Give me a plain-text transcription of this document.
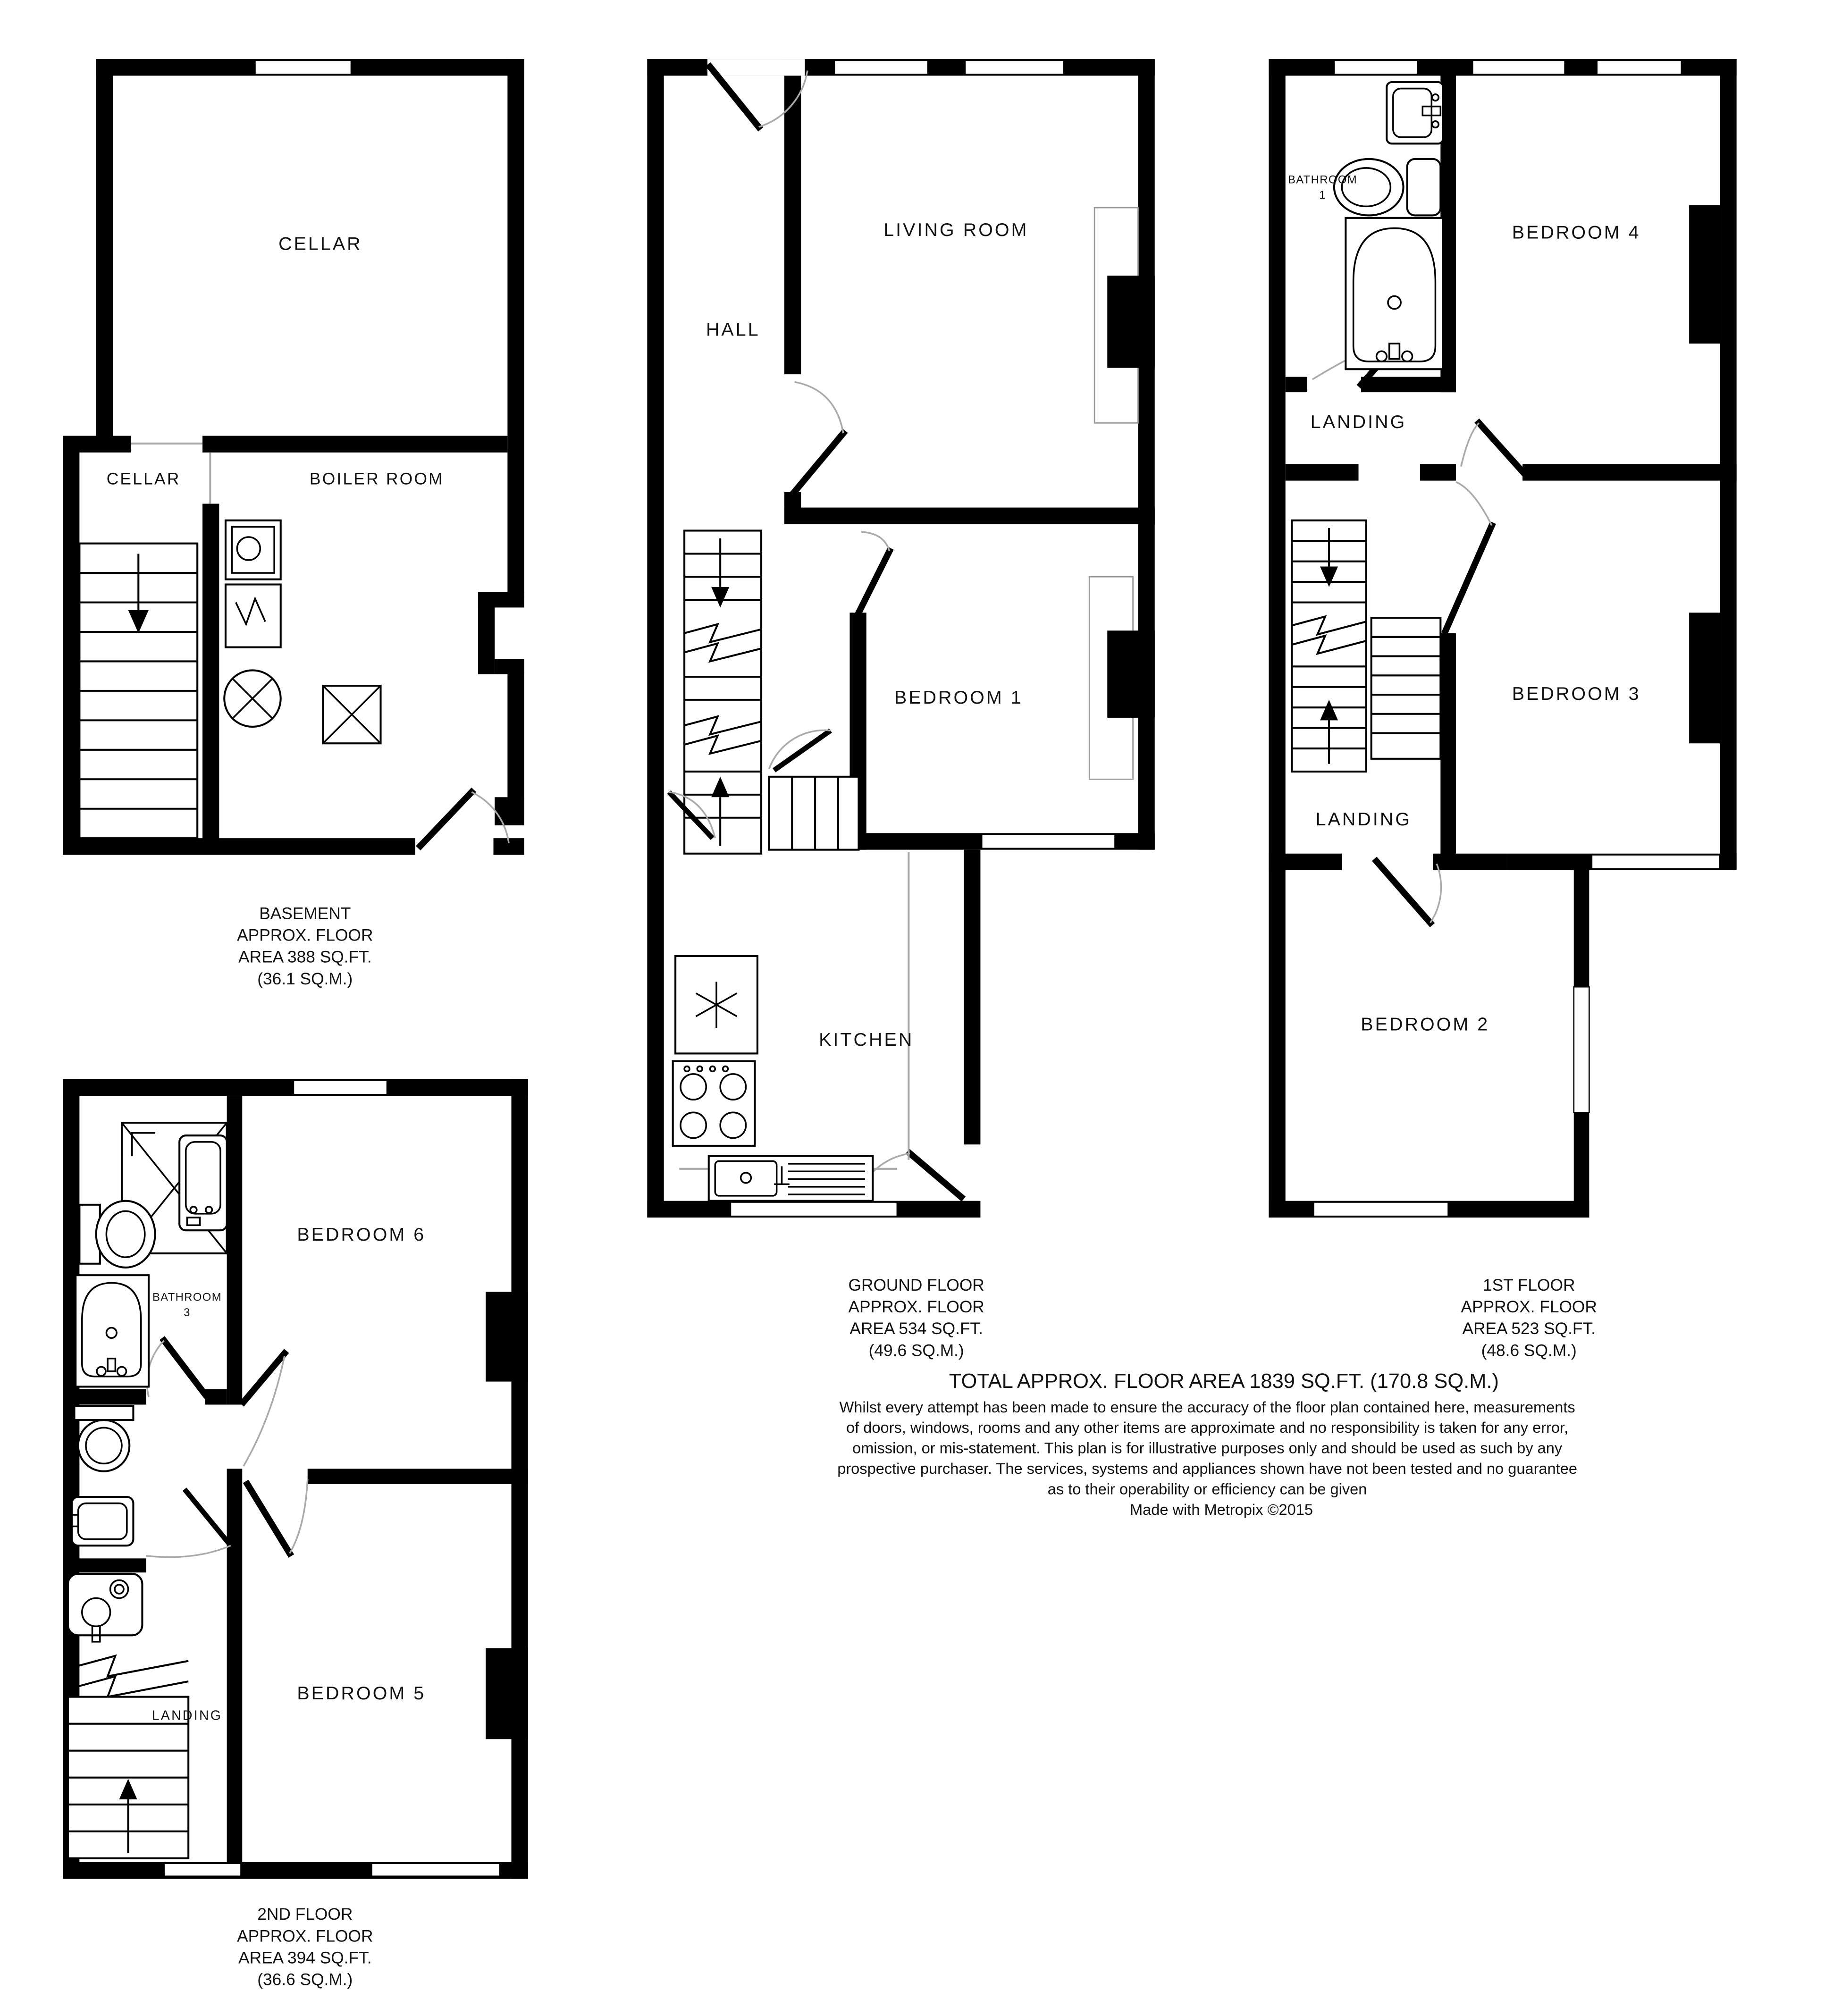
CELLAR
CELLAR	BOILER ROOM
HALL
LIVING ROOM
BEDROOM 1
KITCHEN
BATHROOM
1
BEDROOM 4
LANDING
BEDROOM 3
LANDING
BEDROOM 2
BATHROOM
3
BEDROOM 6
LANDING
BEDROOM 5
BASEMENT
APPROX. FLOOR
AREA 388 SQ.FT.
(36.1 SQ.M.)
GROUND FLOOR
APPROX. FLOOR
AREA 534 SQ.FT.
(49.6 SQ.M.)
1ST FLOOR
APPROX. FLOOR
AREA 523 SQ.FT.
(48.6 SQ.M.)
2ND FLOOR
APPROX. FLOOR
AREA 394 SQ.FT.
(36.6 SQ.M.)
TOTAL APPROX. FLOOR AREA 1839 SQ.FT. (170.8 SQ.M.)
Whilst every attempt has been made to ensure the accuracy of the floor plan contained here, measurements
of doors, windows, rooms and any other items are approximate and no responsibility is taken for any error,
omission, or mis-statement. This plan is for illustrative purposes only and should be used as such by any
prospective purchaser. The services, systems and appliances shown have not been tested and no guarantee
as to their operability or efficiency can be given
Made with Metropix ©2015
